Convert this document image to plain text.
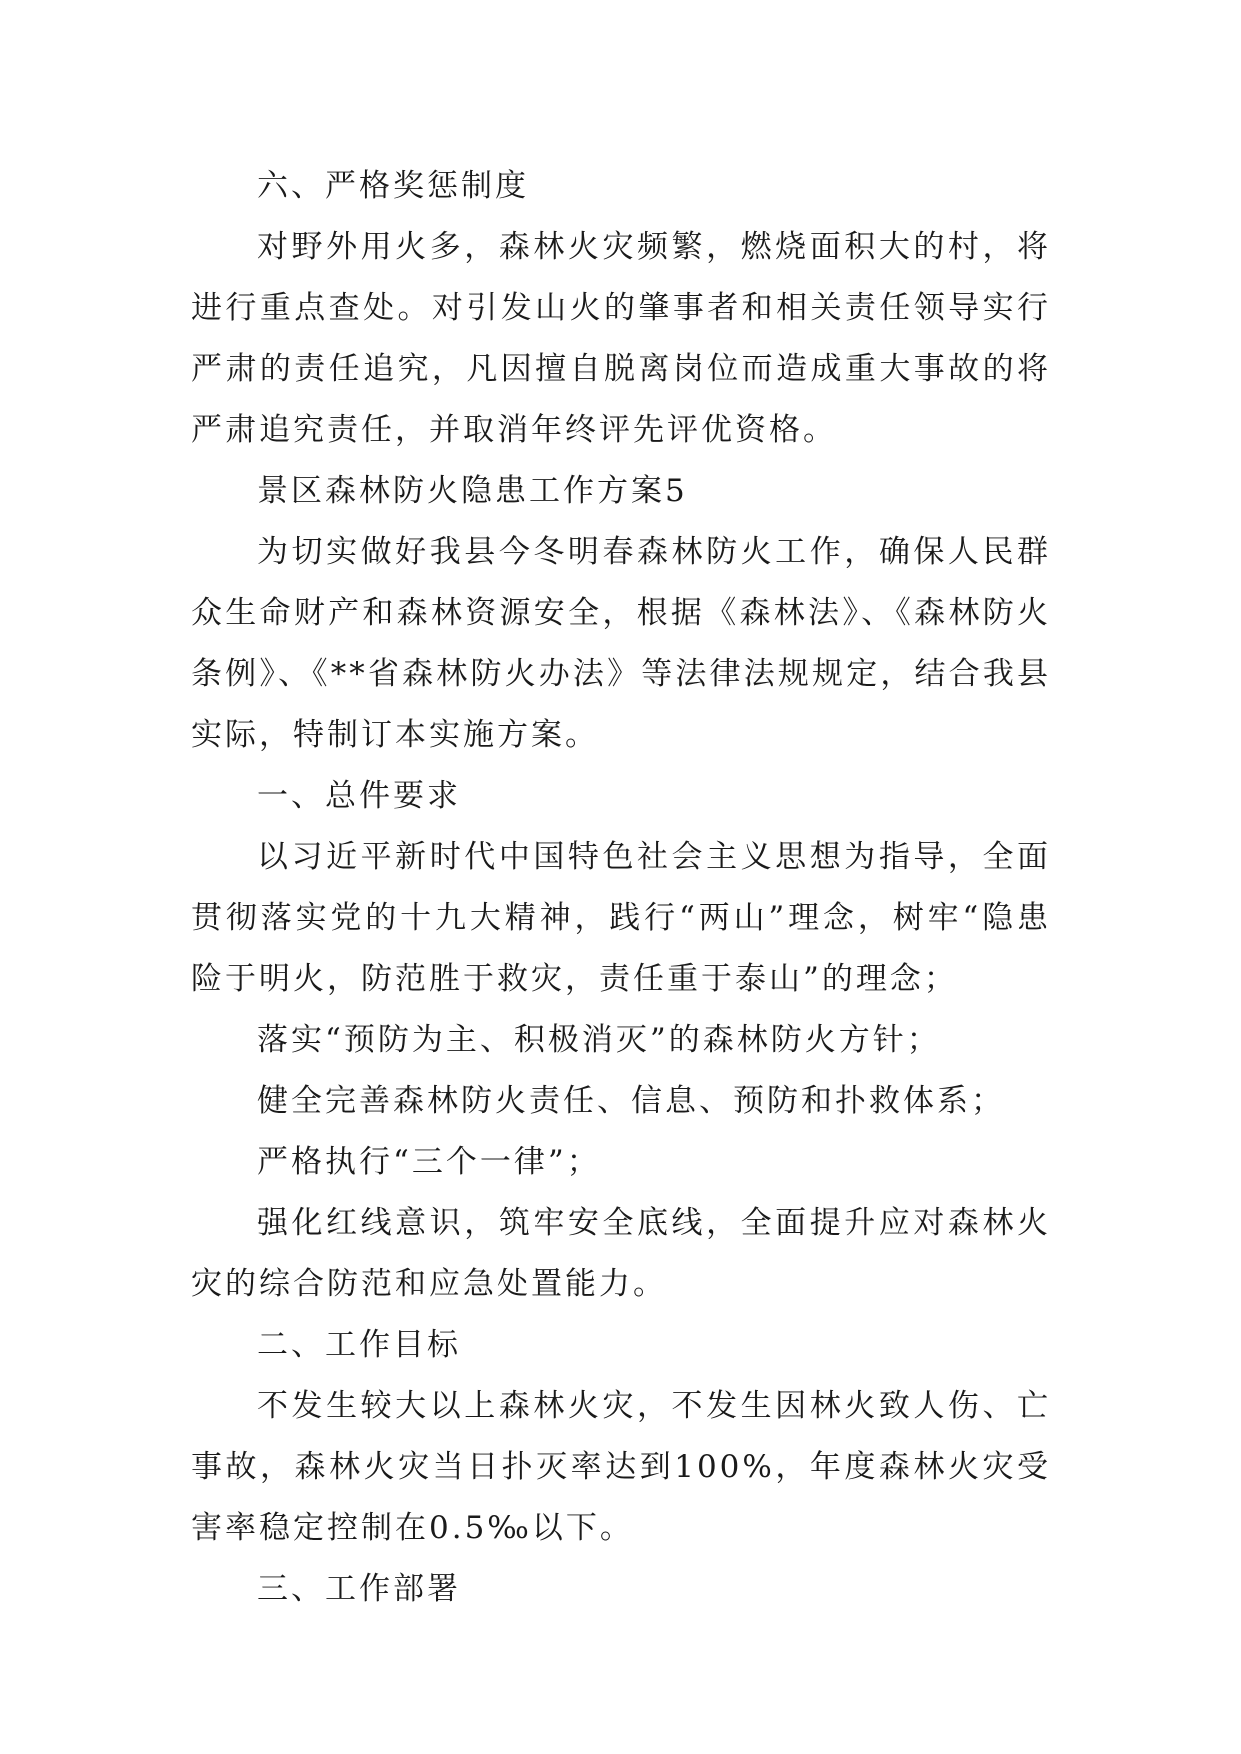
六、严格奖惩制度

对野外用火多，森林火灾频繁，燃烧面积大的村，将进行重点查处。对引发山火的肇事者和相关责任领导实行严肃的责任追究，凡因擅自脱离岗位而造成重大事故的将严肃追究责任，并取消年终评先评优资格。

景区森林防火隐患工作方案5

为切实做好我县今冬明春森林防火工作，确保人民群众生命财产和森林资源安全，根据《森林法》、《森林防火条例》、《**省森林防火办法》等法律法规规定，结合我县实际，特制订本实施方案。

一、总件要求

以习近平新时代中国特色社会主义思想为指导，全面贯彻落实党的十九大精神，践行“两山”理念，树牢“隐患险于明火，防范胜于救灾，责任重于泰山”的理念；

落实“预防为主、积极消灭”的森林防火方针；

健全完善森林防火责任、信息、预防和扑救体系；

严格执行“三个一律”；

强化红线意识，筑牢安全底线，全面提升应对森林火灾的综合防范和应急处置能力。

二、工作目标

不发生较大以上森林火灾，不发生因林火致人伤、亡事故，森林火灾当日扑灭率达到100%，年度森林火灾受害率稳定控制在0.5‰以下。

三、工作部署
